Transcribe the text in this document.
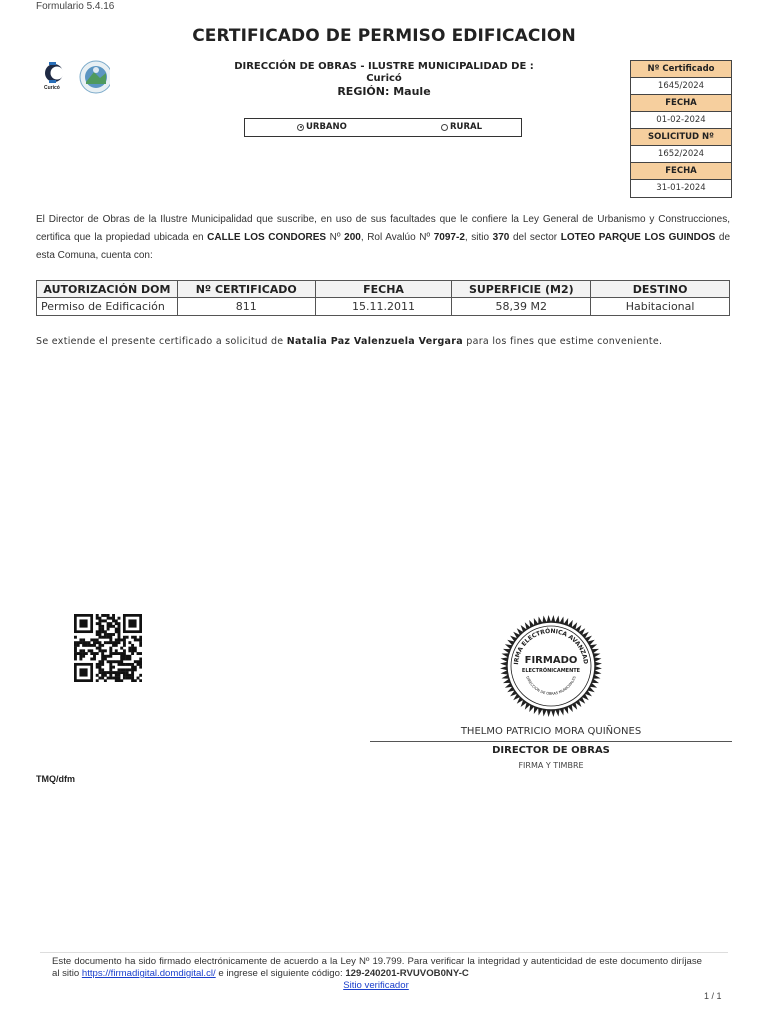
Formulario 5.4.16
CERTIFICADO DE PERMISO EDIFICACION
Curicó
DIRECCIÓN DE OBRAS - ILUSTRE MUNICIPALIDAD DE :
Curicó
REGIÓN: Maule
URBANO	RURAL
Nº Certificado
1645/2024
FECHA
01-02-2024
SOLICITUD Nº
1652/2024
FECHA
31-01-2024
El Director de Obras de la Ilustre Municipalidad que suscribe, en uso de sus facultades que le confiere la Ley General de Urbanismo y Construcciones, certifica que la propiedad ubicada en CALLE LOS CONDORES Nº 200, Rol Avalúo Nº 7097-2, sitio 370 del sector LOTEO PARQUE LOS GUINDOS de esta Comuna, cuenta con:
AUTORIZACIÓN DOM	Nº CERTIFICADO	FECHA	SUPERFICIE (M2)	DESTINO
Permiso de Edificación	811	15.11.2011	58,39 M2	Habitacional
Se extiende el presente certificado a solicitud de Natalia Paz Valenzuela Vergara para los fines que estime conveniente.
IRMA ELECTRÓNICA AVANZAD
FIRMADO
ELECTRÓNICAMENTE
DIRECCIÓN DE OBRAS MUNICIPALES
THELMO PATRICIO MORA QUIÑONES
DIRECTOR DE OBRAS
FIRMA Y TIMBRE
TMQ/dfm
Este documento ha sido firmado electrónicamente de acuerdo a la Ley Nº 19.799. Para verificar la integridad y autenticidad de este documento diríjase al sitio https://firmadigital.domdigital.cl/ e ingrese el siguiente código: 129-240201-RVUVOB0NY-C
Sitio verificador
1 / 1
